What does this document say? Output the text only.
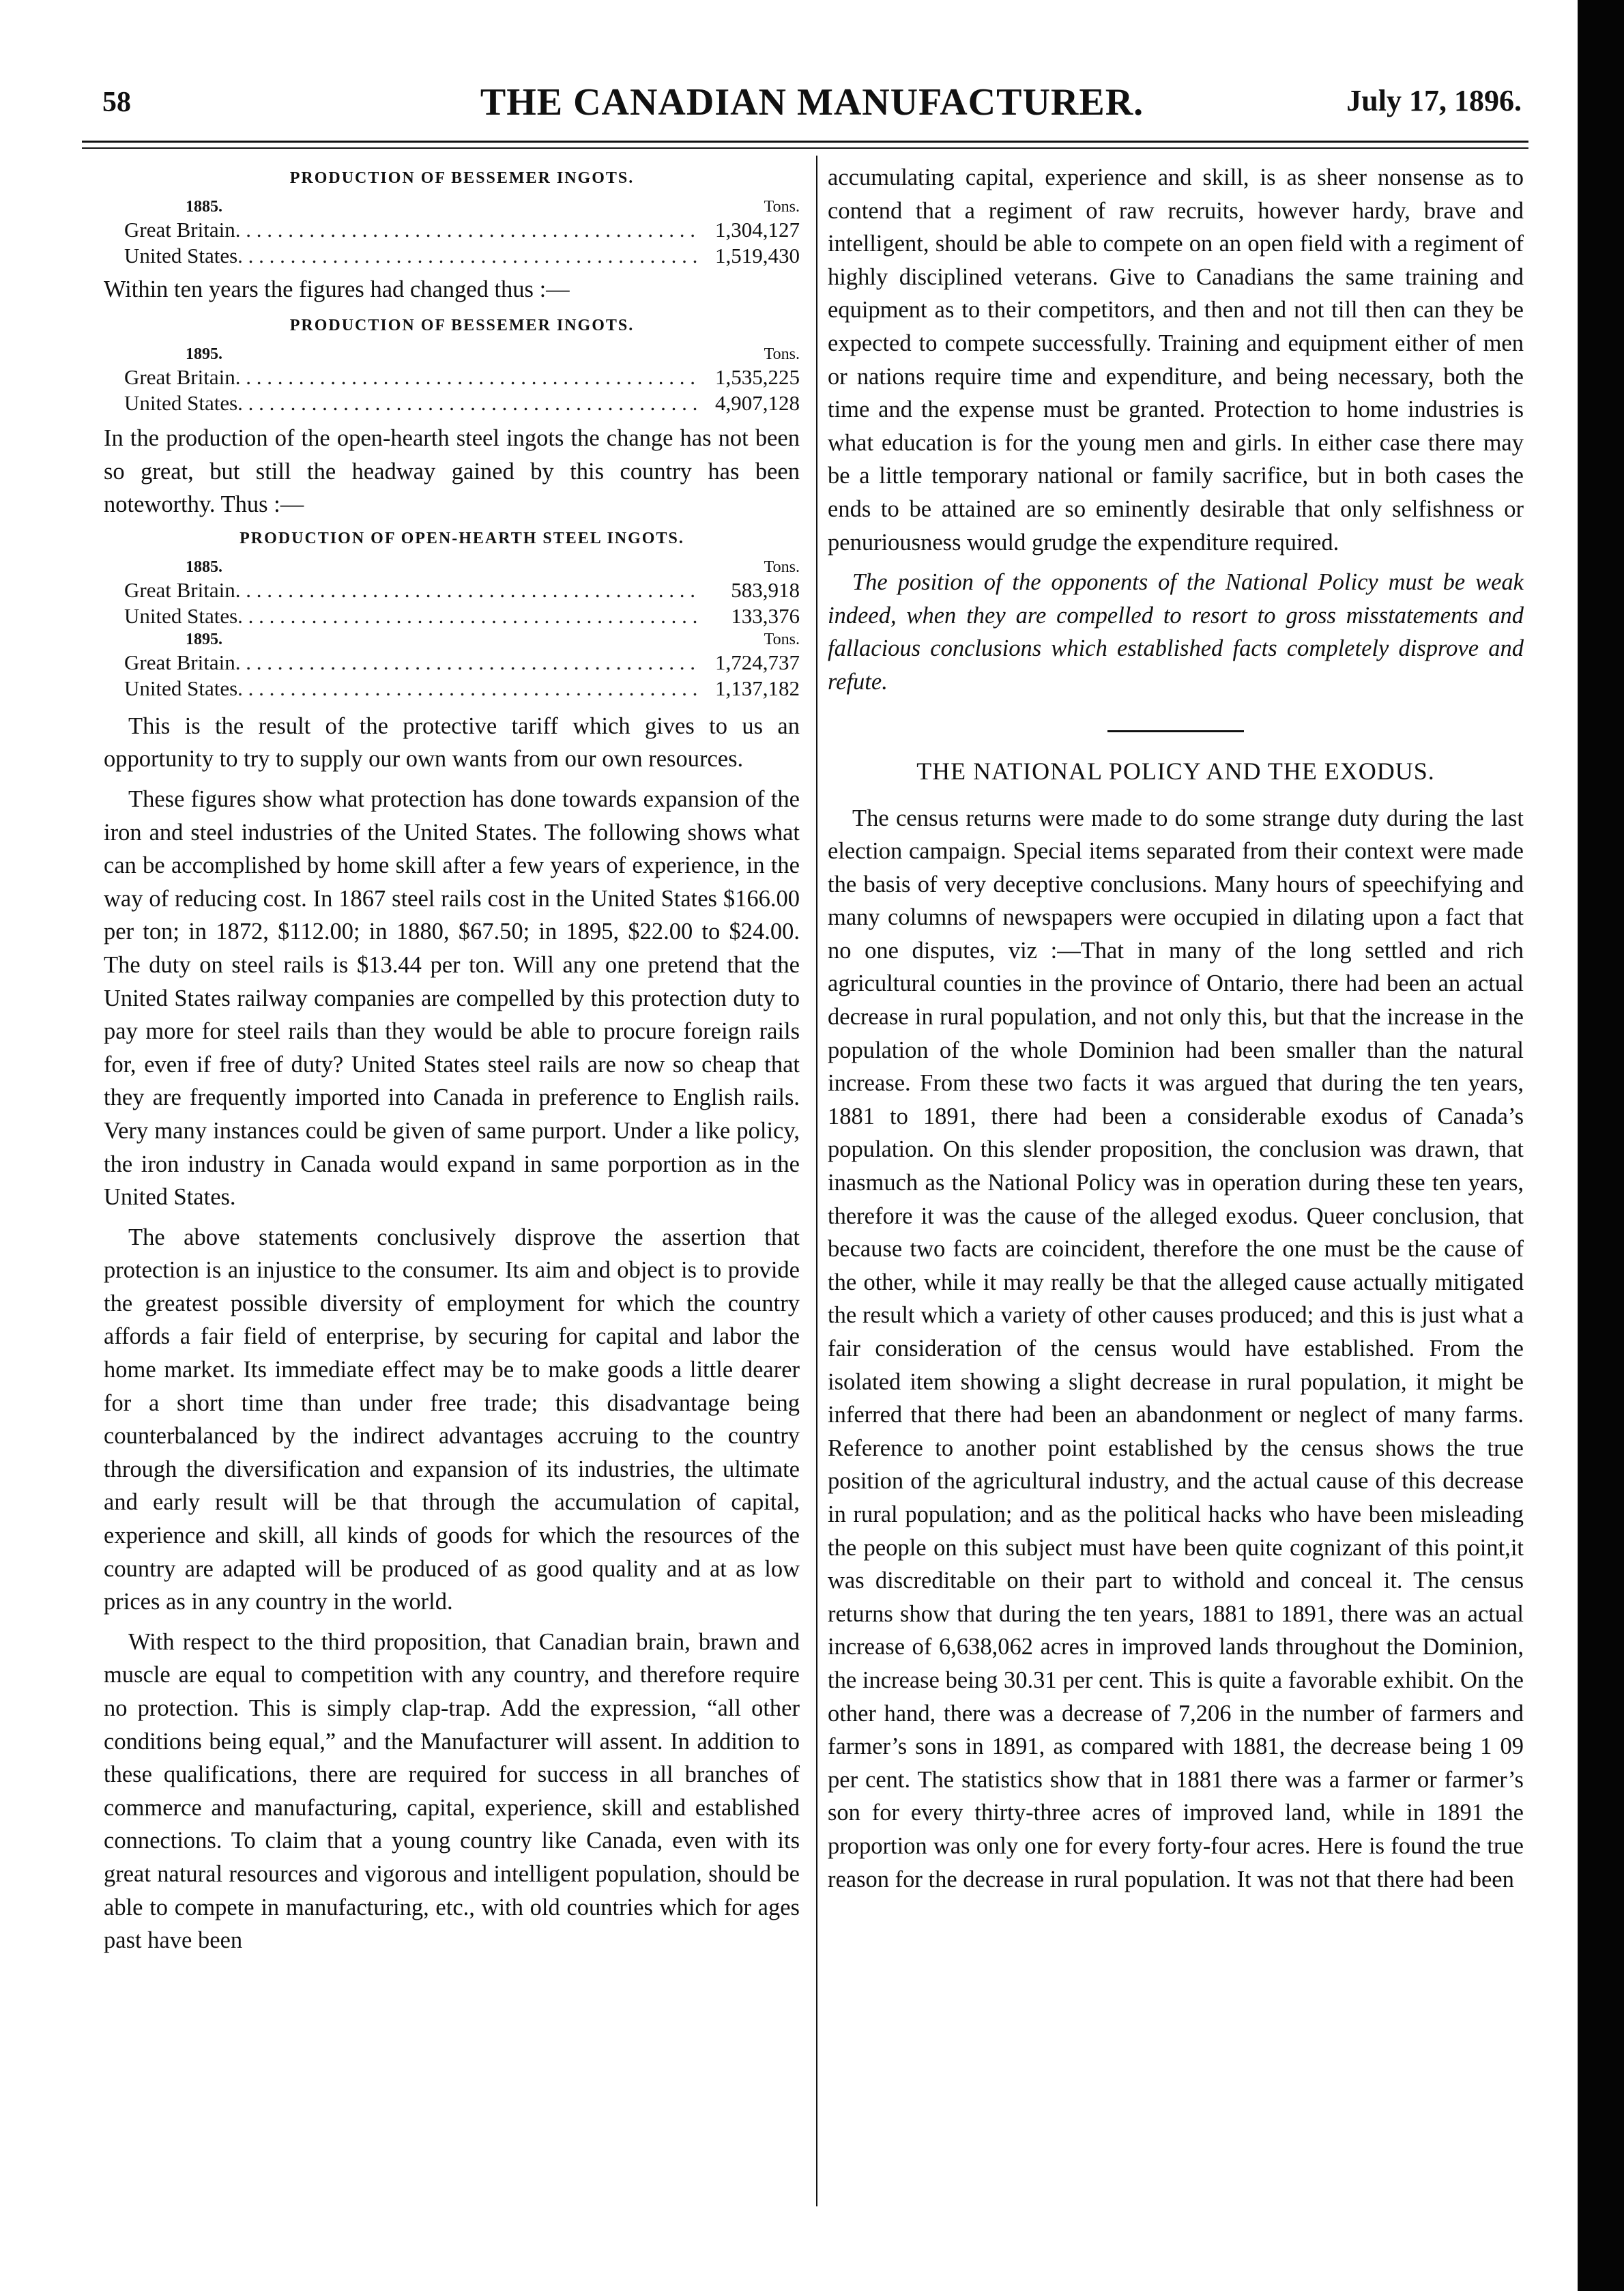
58	THE CANADIAN MANUFACTURER.	July 17, 1896.
PRODUCTION OF BESSEMER INGOTS.
1885.	Tons.
Great Britain . . .	1,304,127
United States . . .	1,519,430
Within ten years the figures had changed thus :—
PRODUCTION OF BESSEMER INGOTS.
1895.	Tons.
Great Britain . . .	1,535,225
United States . . .	4,907,128

In the production of the open-hearth steel ingots the change has not been so great, but still the headway gained by this country has been noteworthy. Thus :—

PRODUCTION OF OPEN-HEARTH STEEL INGOTS.
1885.	Tons.
Great Britain . . .	583,918
United States . . .	133,376
1895.	Tons.
Great Britain . . .	1,724,737
United States . . .	1,137,182

This is the result of the protective tariff which gives to us an opportunity to try to supply our own wants from our own resources.

These figures show what protection has done towards expansion of the iron and steel industries of the United States. The following shows what can be accomplished by home skill after a few years of experience, in the way of reducing cost. In 1867 steel rails cost in the United States $166.00 per ton; in 1872, $112.00; in 1880, $67.50; in 1895, $22.00 to $24.00. The duty on steel rails is $13.44 per ton. Will any one pretend that the United States railway companies are compelled by this protection duty to pay more for steel rails than they would be able to procure foreign rails for, even if free of duty? United States steel rails are now so cheap that they are frequently imported into Canada in preference to English rails. Very many instances could be given of same purport. Under a like policy, the iron industry in Canada would expand in same porportion as in the United States.

The above statements conclusively disprove the assertion that protection is an injustice to the consumer. Its aim and object is to provide the greatest possible diversity of employment for which the country affords a fair field of enterprise, by securing for capital and labor the home market. Its immediate effect may be to make goods a little dearer for a short time than under free trade; this disadvantage being counterbalanced by the indirect advantages accruing to the country through the diversification and expansion of its industries, the ultimate and early result will be that through the accumulation of capital, experience and skill, all kinds of goods for which the resources of the country are adapted will be produced of as good quality and at as low prices as in any country in the world.

With respect to the third proposition, that Canadian brain, brawn and muscle are equal to competition with any country, and therefore require no protection. This is simply clap-trap. Add the expression, “all other conditions being equal,” and the Manufacturer will assent. In addition to these qualifications, there are required for success in all branches of commerce and manufacturing, capital, experience, skill and established connections. To claim that a young country like Canada, even with its great natural resources and vigorous and intelligent population, should be able to compete in manufacturing, etc., with old countries which for ages past have been

accumulating capital, experience and skill, is as sheer nonsense as to contend that a regiment of raw recruits, however hardy, brave and intelligent, should be able to compete on an open field with a regiment of highly disciplined veterans. Give to Canadians the same training and equipment as to their competitors, and then and not till then can they be expected to compete successfully. Training and equipment either of men or nations require time and expenditure, and being necessary, both the time and the expense must be granted. Protection to home industries is what education is for the young men and girls. In either case there may be a little temporary national or family sacrifice, but in both cases the ends to be attained are so eminently desirable that only selfishness or penuriousness would grudge the expenditure required.

The position of the opponents of the National Policy must be weak indeed, when they are compelled to resort to gross misstatements and fallacious conclusions which established facts completely disprove and refute.

THE NATIONAL POLICY AND THE EXODUS.

The census returns were made to do some strange duty during the last election campaign. Special items separated from their context were made the basis of very deceptive conclusions. Many hours of speechifying and many columns of newspapers were occupied in dilating upon a fact that no one disputes, viz :—That in many of the long settled and rich agricultural counties in the province of Ontario, there had been an actual decrease in rural population, and not only this, but that the increase in the population of the whole Dominion had been smaller than the natural increase. From these two facts it was argued that during the ten years, 1881 to 1891, there had been a considerable exodus of Canada’s population. On this slender proposition, the conclusion was drawn, that inasmuch as the National Policy was in operation during these ten years, therefore it was the cause of the alleged exodus. Queer conclusion, that because two facts are coincident, therefore the one must be the cause of the other, while it may really be that the alleged cause actually mitigated the result which a variety of other causes produced; and this is just what a fair consideration of the census would have established. From the isolated item showing a slight decrease in rural population, it might be inferred that there had been an abandonment or neglect of many farms. Reference to another point established by the census shows the true position of the agricultural industry, and the actual cause of this decrease in rural population; and as the political hacks who have been misleading the people on this subject must have been quite cognizant of this point,it was discreditable on their part to withold and conceal it. The census returns show that during the ten years, 1881 to 1891, there was an actual increase of 6,638,062 acres in improved lands throughout the Dominion, the increase being 30.31 per cent. This is quite a favorable exhibit. On the other hand, there was a decrease of 7,206 in the number of farmers and farmer’s sons in 1891, as compared with 1881, the decrease being 1 09 per cent. The statistics show that in 1881 there was a farmer or farmer’s son for every thirty-three acres of improved land, while in 1891 the proportion was only one for every forty-four acres. Here is found the true reason for the decrease in rural population. It was not that there had been
